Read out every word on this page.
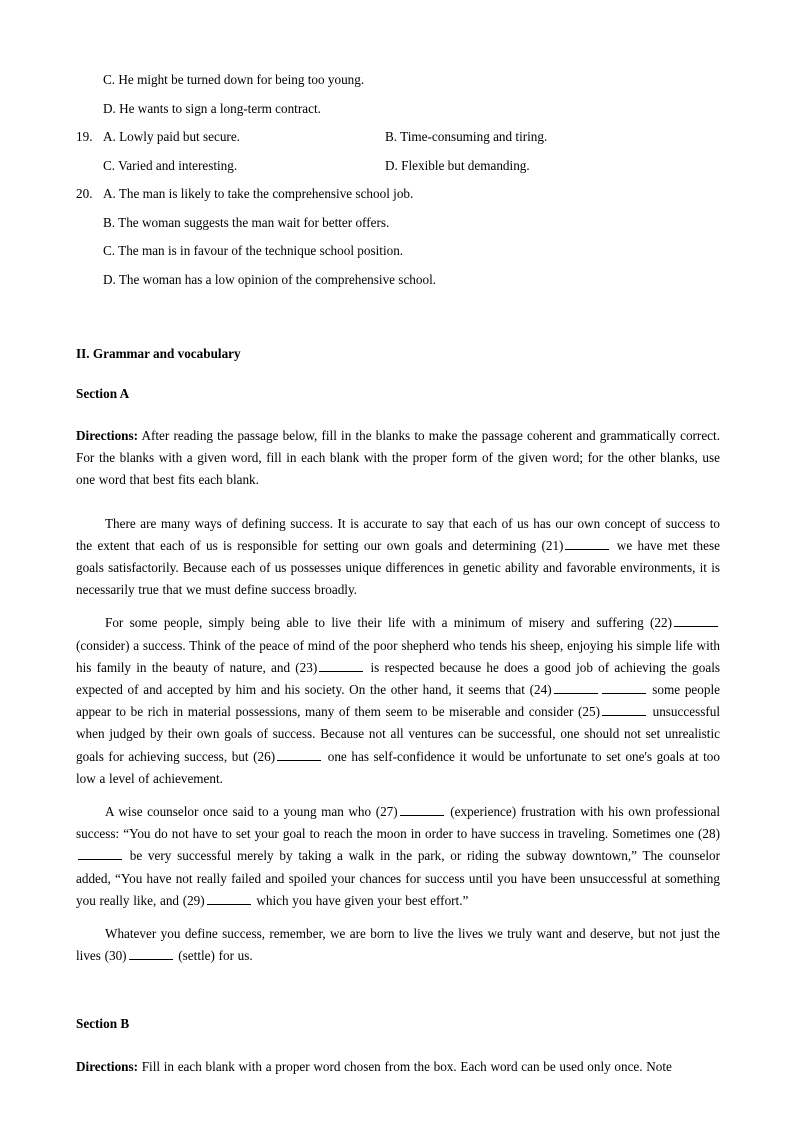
C. He might be turned down for being too young.
D. He wants to sign a long-term contract.
19. A. Lowly paid but secure.	B. Time-consuming and tiring.
C. Varied and interesting.	D. Flexible but demanding.
20. A. The man is likely to take the comprehensive school job.
B. The woman suggests the man wait for better offers.
C. The man is in favour of the technique school position.
D. The woman has a low opinion of the comprehensive school.
II. Grammar and vocabulary
Section A

Directions: After reading the passage below, fill in the blanks to make the passage coherent and grammatically correct. For the blanks with a given word, fill in each blank with the proper form of the given word; for the other blanks, use one word that best fits each blank.

There are many ways of defining success. It is accurate to say that each of us has our own concept of success to the extent that each of us is responsible for setting our own goals and determining (21)	we have met these goals satisfactorily. Because each of us possesses unique differences in genetic ability and favorable environments, it is necessarily true that we must define success broadly.

For some people, simply being able to live their life with a minimum of misery and suffering (22) (consider) a success. Think of the peace of mind of the poor shepherd who tends his sheep, enjoying his simple life with his family in the beauty of nature, and (23)	is respected because he does a good job of achieving the goals expected of and accepted by him and his society. On the other hand, it seems that (24)	some people appear to be rich in material possessions, many of them seem to be miserable and consider (25)	unsuccessful when judged by their own goals of success. Because not all ventures can be successful, one should not set unrealistic goals for achieving success, but (26)	one has self-confidence it would be unfortunate to set one's goals at too low a level of achievement.

A wise counselor once said to a young man who (27)	(experience) frustration with his own professional success: “You do not have to set your goal to reach the moon in order to have success in traveling. Sometimes one (28) be very successful merely by taking a walk in the park, or riding the subway downtown,” The counselor added, “You have not really failed and spoiled your chances for success until you have been unsuccessful at something you really like, and (29)	which you have given your best effort.”

Whatever you define success, remember, we are born to live the lives we truly want and deserve, but not just the lives (30)	(settle) for us.

Section B

Directions: Fill in each blank with a proper word chosen from the box. Each word can be used only once. Note
